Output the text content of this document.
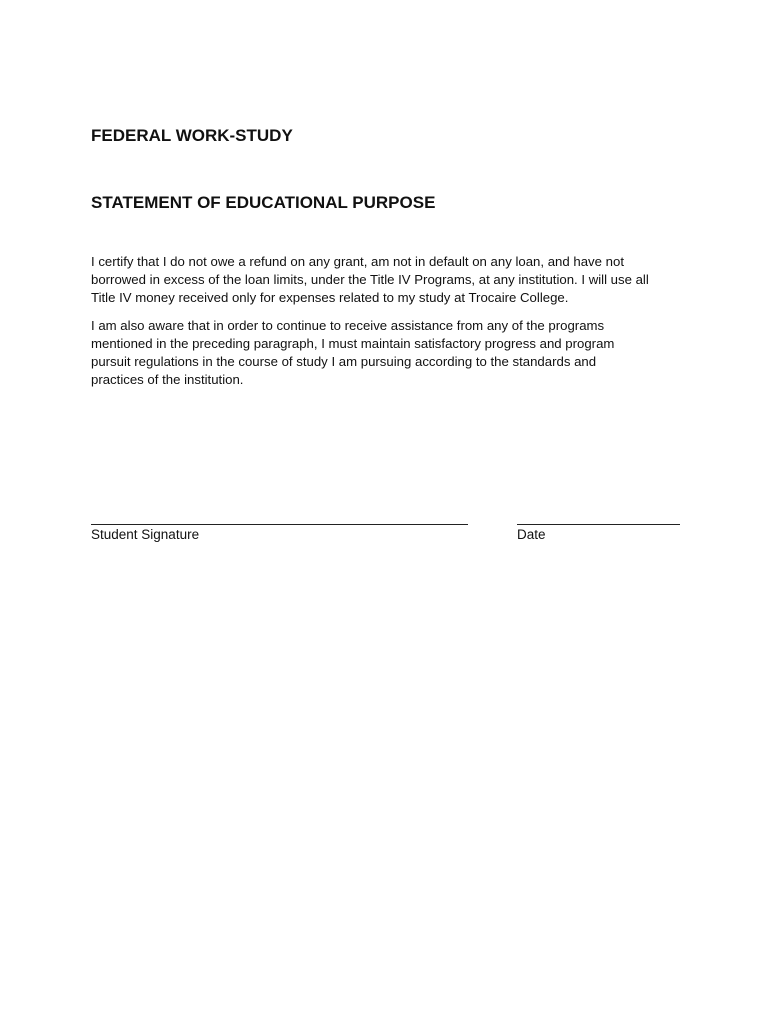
FEDERAL WORK-STUDY
STATEMENT OF EDUCATIONAL PURPOSE

I certify that I do not owe a refund on any grant, am not in default on any loan, and have not
borrowed in excess of the loan limits, under the Title IV Programs, at any institution. I will use all
Title IV money received only for expenses related to my study at Trocaire College.

I am also aware that in order to continue to receive assistance from any of the programs
mentioned in the preceding paragraph, I must maintain satisfactory progress and program
pursuit regulations in the course of study I am pursuing according to the standards and
practices of the institution.

Student Signature	Date
